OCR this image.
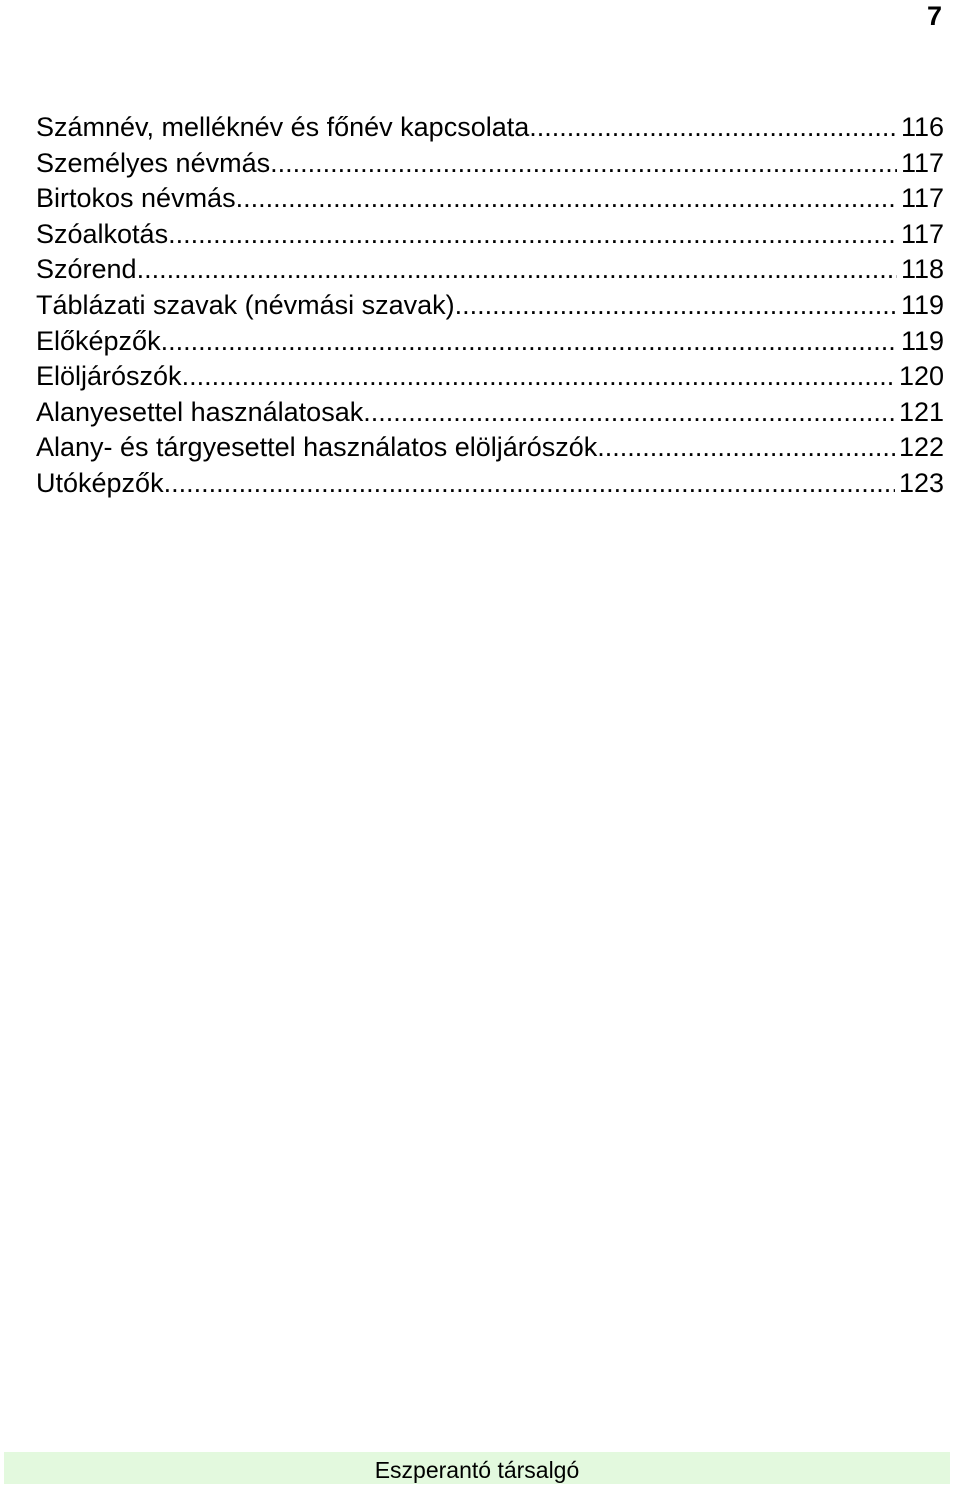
7
Számnév, melléknév és főnév kapcsolata .....	116
Személyes névmás .....	117
Birtokos névmás .....	117
Szóalkotás .....	117
Szórend .....	118
Táblázati szavak (névmási szavak). .....	119
Előképzők .....	119
Elöljárószók .....	120
Alanyesettel használatosak .....	121
Alany- és tárgyesettel használatos elöljárószók .....	122
Utóképzők .....	123
Eszperantó társalgó
